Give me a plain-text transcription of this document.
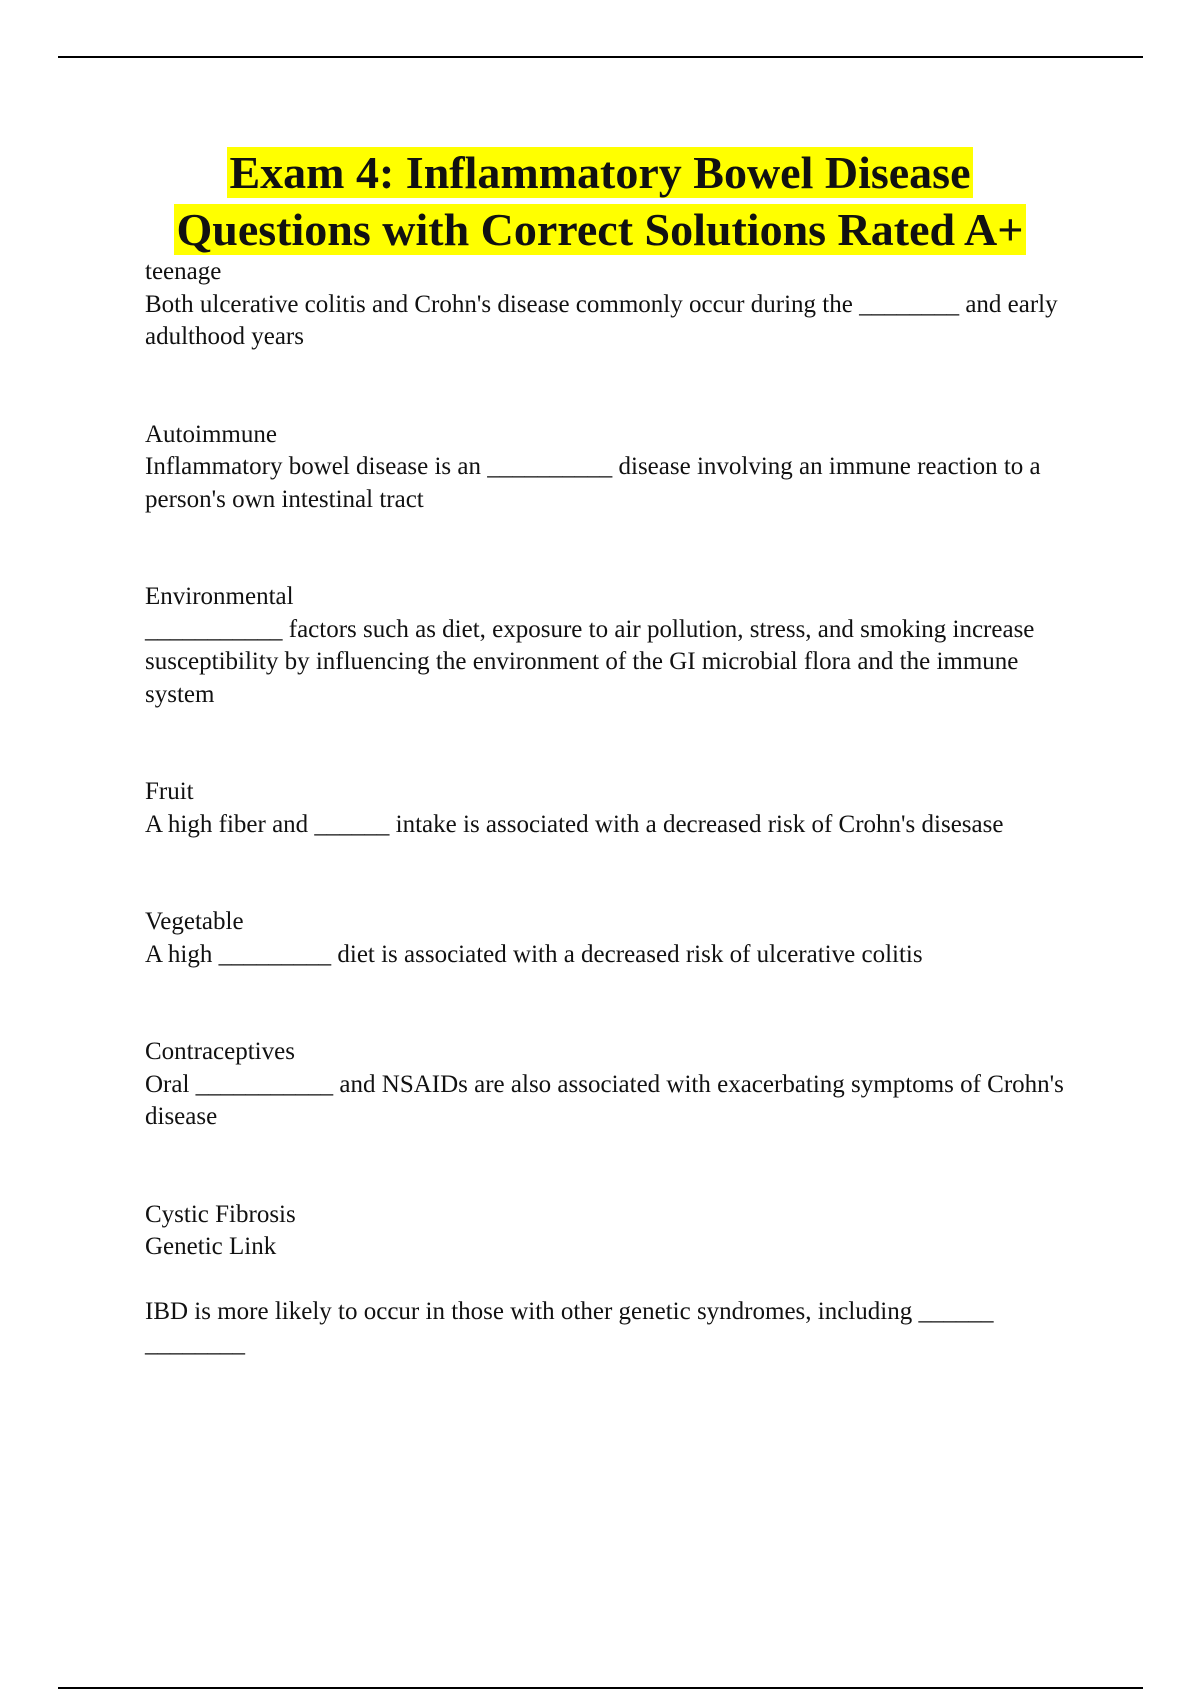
Exam 4: Inflammatory Bowel Disease
Questions with Correct Solutions Rated A+
teenage
Both ulcerative colitis and Crohn's disease commonly occur during the ________ and early adulthood years
Autoimmune
Inflammatory bowel disease is an __________ disease involving an immune reaction to a person's own intestinal tract
Environmental
___________ factors such as diet, exposure to air pollution, stress, and smoking increase susceptibility by influencing the environment of the GI microbial flora and the immune system
Fruit
A high fiber and ______ intake is associated with a decreased risk of Crohn's disesase
Vegetable
A high _________ diet is associated with a decreased risk of ulcerative colitis
Contraceptives
Oral ___________ and NSAIDs are also associated with exacerbating symptoms of Crohn's disease
Cystic Fibrosis
Genetic Link
IBD is more likely to occur in those with other genetic syndromes, including ______ ________
